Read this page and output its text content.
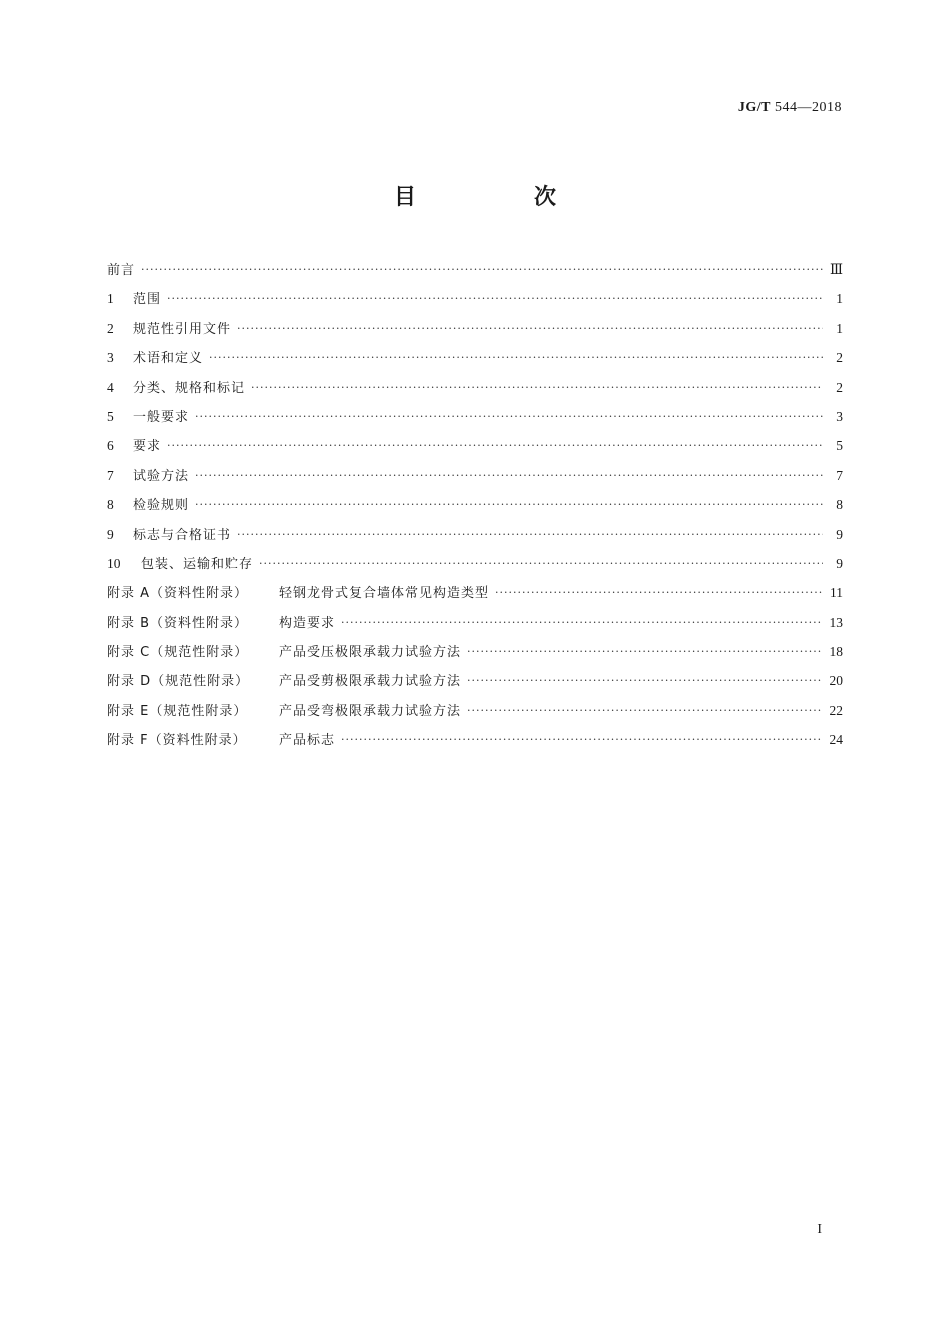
JG/T 544—2018
目　次
前言 ·····	Ⅲ
1	范围 ·····	1
2	规范性引用文件 ·····	1
3	术语和定义 ·····	2
4	分类、规格和标记 ·····	2
5	一般要求 ·····	3
6	要求 ·····	5
7	试验方法 ·····	7
8	检验规则 ·····	8
9	标志与合格证书 ·····	9
10	包装、运输和贮存 ·····	9
附录 A（资料性附录）	轻钢龙骨式复合墙体常见构造类型 ·····	11
附录 B（资料性附录）	构造要求 ·····	13
附录 C（规范性附录）	产品受压极限承载力试验方法 ·····	18
附录 D（规范性附录）	产品受剪极限承载力试验方法 ·····	20
附录 E（规范性附录）	产品受弯极限承载力试验方法 ·····	22
附录 F（资料性附录）	产品标志 ·····	24
I
